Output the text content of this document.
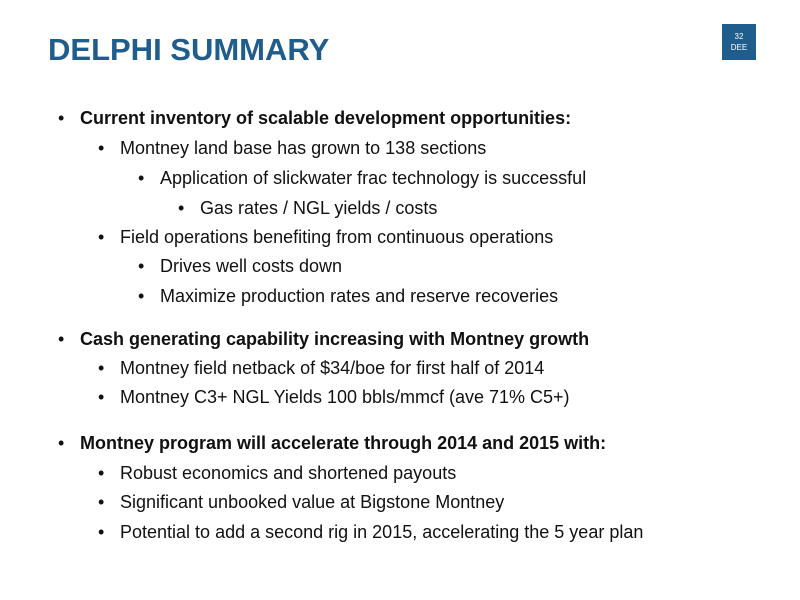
DELPHI SUMMARY	32
DEE
• Current inventory of scalable development opportunities:
• Montney land base has grown to 138 sections
• Application of slickwater frac technology is successful
• Gas rates / NGL yields / costs
• Field operations benefiting from continuous operations
• Drives well costs down
• Maximize production rates and reserve recoveries
• Cash generating capability increasing with Montney growth
• Montney field netback of $34/boe for first half of 2014
• Montney C3+ NGL Yields 100 bbls/mmcf (ave 71% C5+)
• Montney program will accelerate through 2014 and 2015 with:
• Robust economics and shortened payouts
• Significant unbooked value at Bigstone Montney
• Potential to add a second rig in 2015, accelerating the 5 year plan
